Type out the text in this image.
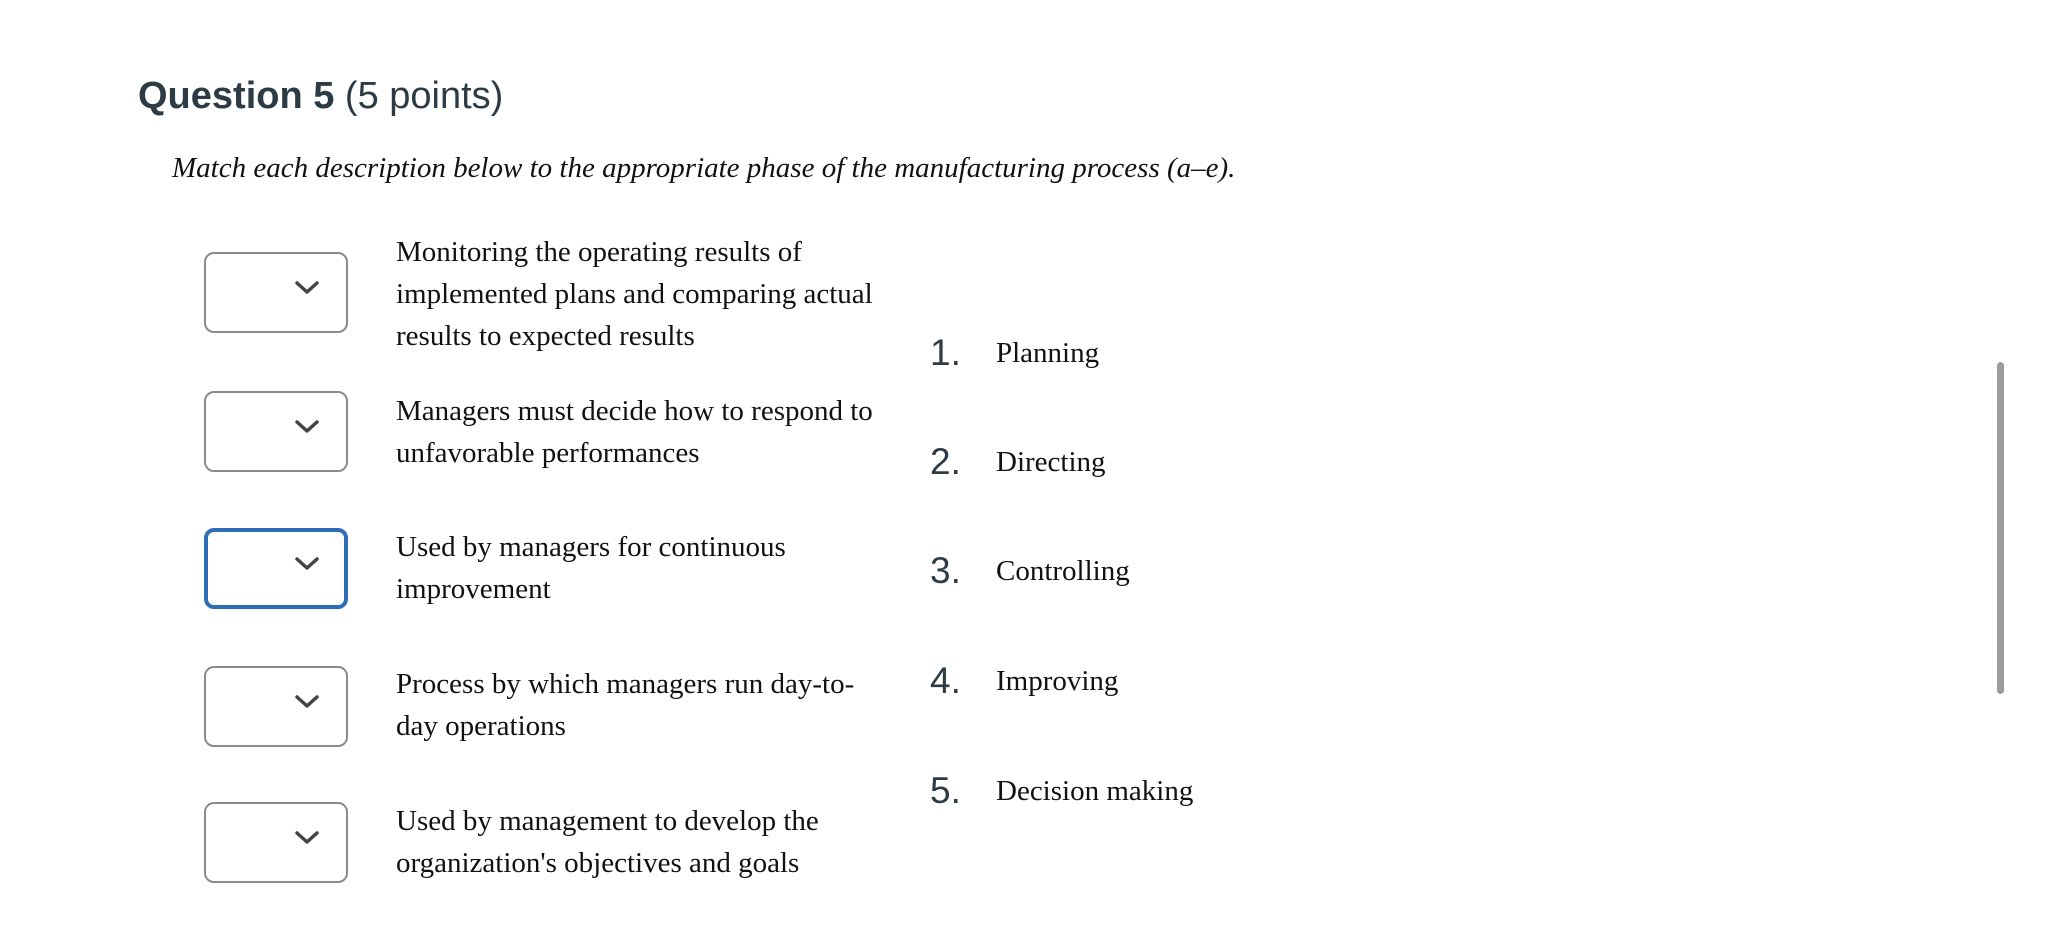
Question 5 (5 points)
Match each description below to the appropriate phase of the manufacturing process (a–e).
Monitoring the operating results of implemented plans and comparing actual results to expected results
Managers must decide how to respond to unfavorable performances
Used by managers for continuous improvement
Process by which managers run day-to-day operations
Used by management to develop the organization's objectives and goals
1. Planning
2. Directing
3. Controlling
4. Improving
5. Decision making
